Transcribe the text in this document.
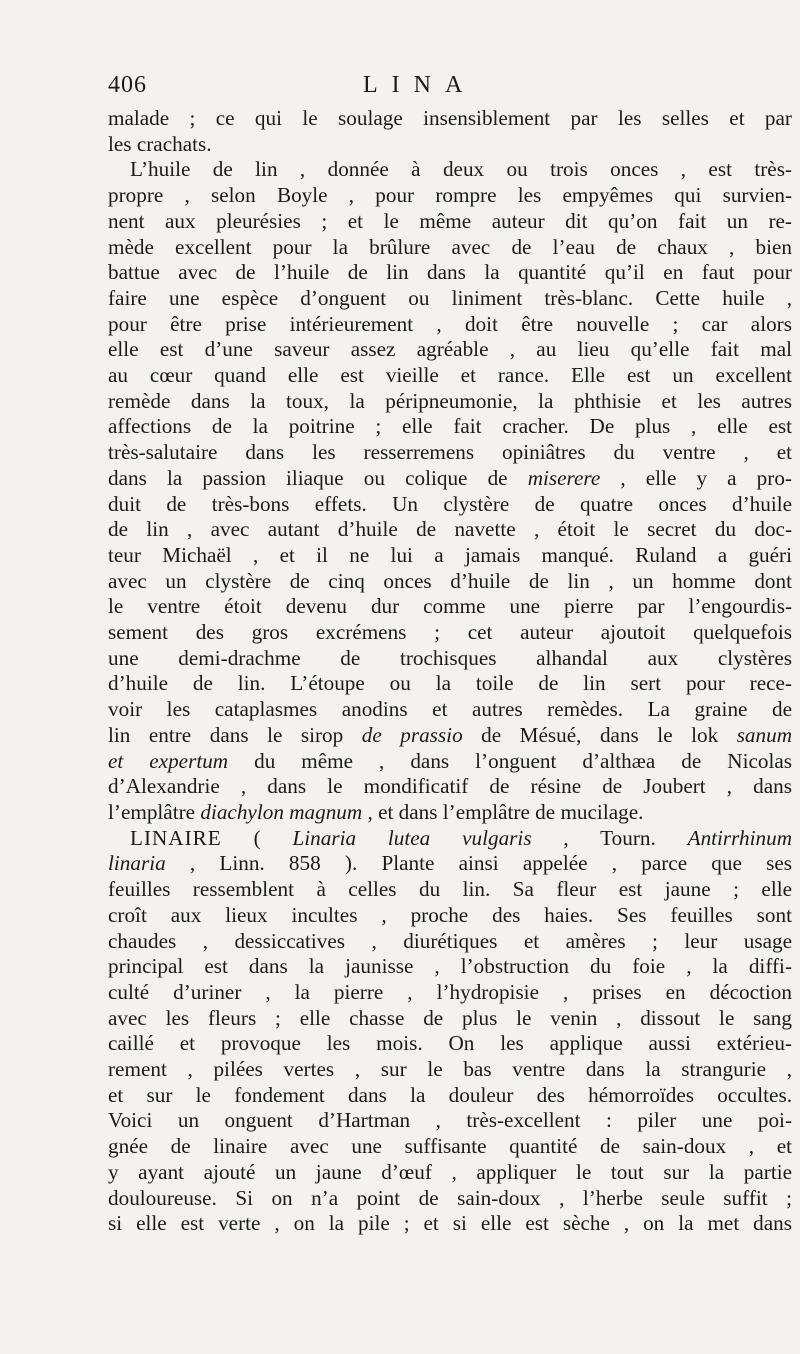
406	LINA
malade ; ce qui le soulage insensiblement par les selles et par
les crachats.
L’huile de lin , donnée à deux ou trois onces , est très-
propre , selon Boyle , pour rompre les empyêmes qui survien-
nent aux pleurésies ; et le même auteur dit qu’on fait un re-
mède excellent pour la brûlure avec de l’eau de chaux , bien
battue avec de l’huile de lin dans la quantité qu’il en faut pour
faire une espèce d’onguent ou liniment très-blanc. Cette huile ,
pour être prise intérieurement , doit être nouvelle ; car alors
elle est d’une saveur assez agréable , au lieu qu’elle fait mal
au cœur quand elle est vieille et rance. Elle est un excellent
remède dans la toux, la péripneumonie, la phthisie et les autres
affections de la poitrine ; elle fait cracher. De plus , elle est
très-salutaire dans les resserremens opiniâtres du ventre , et
dans la passion iliaque ou colique de miserere , elle y a pro-
duit de très-bons effets. Un clystère de quatre onces d’huile
de lin , avec autant d’huile de navette , étoit le secret du doc-
teur Michaël , et il ne lui a jamais manqué. Ruland a guéri
avec un clystère de cinq onces d’huile de lin , un homme dont
le ventre étoit devenu dur comme une pierre par l’engourdis-
sement des gros excrémens ; cet auteur ajoutoit quelquefois
une demi-drachme de trochisques alhandal aux clystères
d’huile de lin. L’étoupe ou la toile de lin sert pour rece-
voir les cataplasmes anodins et autres remèdes. La graine de
lin entre dans le sirop de prassio de Mésué, dans le lok sanum
et expertum du même , dans l’onguent d’althæa de Nicolas
d’Alexandrie , dans le mondificatif de résine de Joubert , dans
l’emplâtre diachylon magnum , et dans l’emplâtre de mucilage.
LINAIRE ( Linaria lutea vulgaris , Tourn. Antirrhinum
linaria , Linn. 858 ). Plante ainsi appelée , parce que ses
feuilles ressemblent à celles du lin. Sa fleur est jaune ; elle
croît aux lieux incultes , proche des haies. Ses feuilles sont
chaudes , dessiccatives , diurétiques et amères ; leur usage
principal est dans la jaunisse , l’obstruction du foie , la diffi-
culté d’uriner , la pierre , l’hydropisie , prises en décoction
avec les fleurs ; elle chasse de plus le venin , dissout le sang
caillé et provoque les mois. On les applique aussi extérieu-
rement , pilées vertes , sur le bas ventre dans la strangurie ,
et sur le fondement dans la douleur des hémorroïdes occultes.
Voici un onguent d’Hartman , très-excellent : piler une poi-
gnée de linaire avec une suffisante quantité de sain-doux , et
y ayant ajouté un jaune d’œuf , appliquer le tout sur la partie
douloureuse. Si on n’a point de sain-doux , l’herbe seule suffit ;
si elle est verte , on la pile ; et si elle est sèche , on la met dans
